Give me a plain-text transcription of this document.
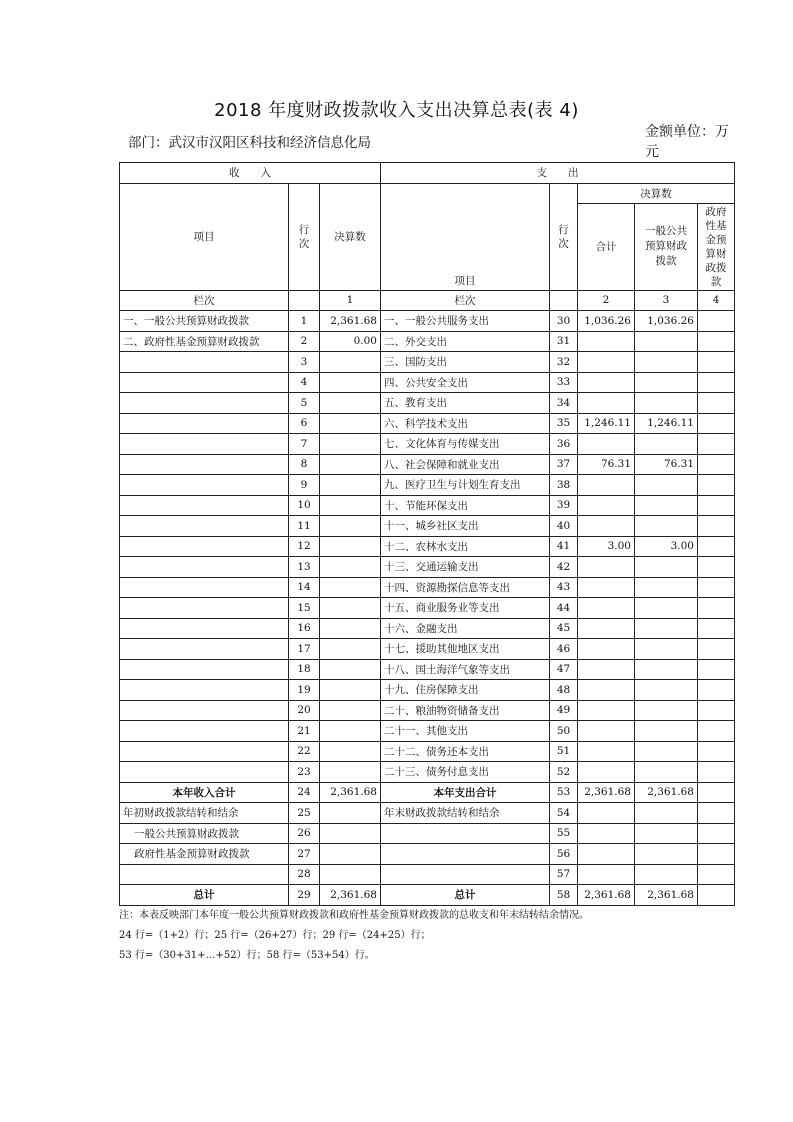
2018 年度财政拨款收入支出决算总表(表 4)
部门：武汉市汉阳区科技和经济信息化局
金额单位：万元
收　　入			支　　出				
项目	行次	决算数	项目	行次	决算数		
					合计	一般公共预算财政拨款	政府性基金预算财政拨款
栏次		1	栏次		2	3	4
一、一般公共预算财政拨款	1	2,361.68	一、一般公共服务支出	30	1,036.26	1,036.26	
二、政府性基金预算财政拨款	2	0.00	二、外交支出	31			
	3		三、国防支出	32			
	4		四、公共安全支出	33			
	5		五、教育支出	34			
	6		六、科学技术支出	35	1,246.11	1,246.11	
	7		七、文化体育与传媒支出	36			
	8		八、社会保障和就业支出	37	76.31	76.31	
	9		九、医疗卫生与计划生育支出	38			
	10		十、节能环保支出	39			
	11		十一、城乡社区支出	40			
	12		十二、农林水支出	41	3.00	3.00	
	13		十三、交通运输支出	42			
	14		十四、资源勘探信息等支出	43			
	15		十五、商业服务业等支出	44			
	16		十六、金融支出	45			
	17		十七、援助其他地区支出	46			
	18		十八、国土海洋气象等支出	47			
	19		十九、住房保障支出	48			
	20		二十、粮油物资储备支出	49			
	21		二十一、其他支出	50			
	22		二十二、债务还本支出	51			
	23		二十三、债务付息支出	52			
本年收入合计	24	2,361.68	本年支出合计	53	2,361.68	2,361.68	
年初财政拨款结转和结余	25		年末财政拨款结转和结余	54			
一般公共预算财政拨款	26			55			
政府性基金预算财政拨款	27			56			
	28			57			
总计	29	2,361.68	总计	58	2,361.68	2,361.68	
注：本表反映部门本年度一般公共预算财政拨款和政府性基金预算财政拨款的总收支和年末结转结余情况。
24 行=（1+2）行；25 行=（26+27）行；29 行=（24+25）行；
53 行=（30+31+…+52）行；58 行=（53+54）行。
